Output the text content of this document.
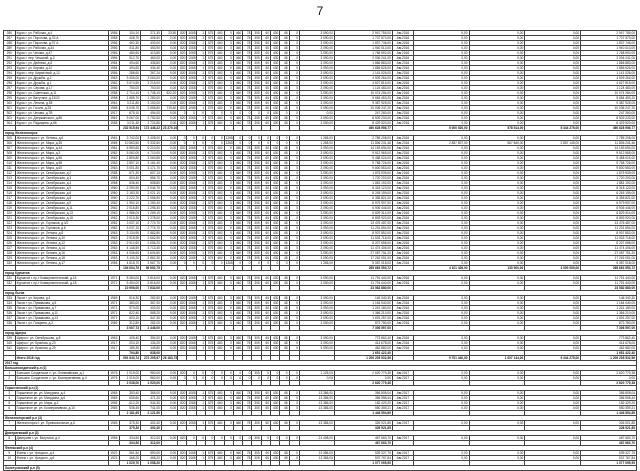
7
286	Курск г. ул. Рабочая, д.4	1956	104,10	271,30	23,50	820	1065	1	575	460	0	460	78	305	60	430	48	0	3 090,00	2 947 755,00	Авг.2016	0,00	0,00	0,00	2 947 755,00
287	Курск г. ул. Пирогова, д.33 А	1958	408,70	406,50	0,00	820	1065	1	575	460	0	460	78	305	60	430	48	0	3 090,00	1 737 570,00	Авг.2016	0,00	0,00	0,00	1 737 570,00
288	Курск г. ул. Пирогова, д.97 А	1956	462,30	430,00	0,00	820	1065	1	575	460	0	460	78	305	60	430	48	0	3 090,00	1 837 746,00	Авг.2016	0,00	0,00	0,00	1 837 746,00
289	Курск г. ул. Рабочая, д.34	1956	511,80	453,90	0,00	820	1065	1	575	460	0	460	78	305	60	430	48	0	3 090,00	1 940 013,00	Авг.2016	0,00	0,00	0,00	1 940 013,00
290	Курск г. ул. Чехова, д.47	1956	480,60	413,80	0,00	820	1065	1	575	460	0	460	78	305	60	430	48	0	3 090,00	1 768 592,00	Авг.2016	0,00	0,00	0,00	1 768 592,00
291	Курск г. пер. Чешский, д.2	1956	512,70	460,00	0,00	820	1065	1	575	460	0	460	78	305	60	430	48	0	3 090,00	2 006 241,00	Авг.2016	0,00	0,00	0,00	2 006 241,00
292	Курск г. ул. Дейнеки, д.8	1954	494,60	436,80	0,00	820	1065	1	575	460	0	460	78	305	60	430	48	0	3 090,00	1 866 883,00	Авг.2016	0,00	0,00	0,00	1 866 883,00
293	Курск г. ул. Кирова, д.12	1954	494,60	434,40	0,00	820	1065	1	575	460	0	460	78	305	60	430	48	0	3 090,00	1 856 626,00	Авг.2016	0,00	0,00	0,00	1 856 626,00
294	Курск г. пер. Кирпичный, д.12	1956	288,60	267,24	0,00	820	1065	1	575	460	0	460	78	305	60	430	48	0	3 090,00	1 141 026,00	Авг.2016	0,00	0,00	0,00	1 141 026,00
295	Курск г. ул. Дружбы, д.2	1963	3 405,00	3 063,00	0,00	820	1065	1	575	460	0	460	78	305	60	430	48	0	3 090,00	4 509 264,00	Авг.2016	0,00	0,00	0,00	4 509 264,00
296	Курск г. ул. Дружбы, д.1	1963	3 574,50	3 215,00	0,00	820	1065	1	575	460	0	460	78	305	60	430	48	0	3 090,00	4 627 815,00	Авг.2016	0,00	0,00	0,00	4 627 815,00
297	Курск г. ул. Серова, д.17	1956	750,00	700,00	0,00	820	1065	1	575	460	0	460	78	305	60	430	48	0	3 090,00	1 124 483,00	Авг.2016	0,00	0,00	0,00	1 124 483,00
298	Курск г. ул. Советская, д.11	1958	2 714,10	1 748,10	522,20	820	1065	1	575	460	0	460	78	305	60	430	48	0	3 090,00	10 074 284,00	Авг.2016	0,00	0,00	0,00	10 074 284,00
299	Курск г. ул. Ватутина, д.13/20	1958	1 685,70	1 280,00	0,00	820	1065	1	575	460	0	460	78	305	60	430	48	0	3 090,00	5 684 453,20	Авг.2016	0,00	0,00	0,00	5 684 453,20
300	Курск г. ул. Ленина, д.55	1961	3 211,80	3 100,00	0,00	820	1065	1	575	460	0	460	78	305	60	430	48	0	3 090,00	9 387 925,00	Авг.2016	0,00	0,00	0,00	9 387 925,00
301	Курск г. ул. Гоголя, д.25	1968	6 045,70	2 656,60	719,60	820	1065	1	575	460	0	460	78	305	60	430	48	0	3 090,00	10 036 247,20	Авг.2016	0,00	0,00	0,00	10 036 247,20
302	Курск г. ул. Чехова, д.7В	1917	675,10	494,00	0,00	0	0	0	0	0	0	0	0	0	0	430	0	0	0,00	247 260,00	Авг.2016	0,00	0,00	0,00	247 260,00
303	Курск г. ул. Дзержинского, д.86	1961	3 067,00	2 752,60	0,00	820	1065	1	575	460	0	460	78	305	60	430	48	0	3 090,00	8 509 233,00	Авг.2016	0,00	0,00	0,00	8 509 233,00
304	Курск г. ул. Радищева, д.86	1958	3 011,40	2 724,80	0,00	820	1065	1	575	460	0	460	78	305	60	430	48	0	3 090,00	8 429 520,00	Авг.2016	0,00	0,00	0,00	8 429 520,00
			232 515,94	172 446,22	23 270,10															460 628 956,77		5 000 520,00	578 514,00	5 344 275,00	460 628 956,77
город Железногорск																									
305	Железногорск г. ул. Ленина, д.6	1961	3 742,00	3 408,00	0,00	0	0	0	0	0	1265	0	0	0	0	0	0	0	1 265,00	2 785 208,00	Авг.2016	0,00	0,00	0,00	2 785 208,00
306	Железногорск г. ул. Мира, д.35	1965	10 563,50	9 332,60	0,00	0	0	0	0	0	1265	0	0	0	0	0	0	0	1 265,00	11 806 241,46	Авг.2016	2 857 837,00	567 840,00	2 857 145,00	11 806 241,46
307	Железногорск г. ул. Мира, д.44	1961	6 960,60	6 210,00	0,00	820	1065	1	575	460	0	460	78	305	60	430	48	0	3 090,00	14 153 694,00	Авг.2016	0,00	0,00	0,00	14 153 694,00
308	Железногорск г. ул. Мира, д.3	1962	5 062,00	4 710,00	0,00	820	1065	1	575	460	0	460	78	305	60	430	48	0	3 090,00	9 512 565,00	Авг.2016	0,00	0,00	0,00	9 512 565,00
309	Железногорск г. ул. Мира, д.56	1962	2 890,80	3 060,85	0,00	820	1065	1	575	460	0	460	78	305	60	430	48	0	3 090,00	9 458 024,00	Авг.2016	0,00	0,00	0,00	9 458 024,00
310	Железногорск г. ул. Мира, д.58	1963	2 897,10	3 161,40	0,00	820	1065	1	575	460	0	460	78	305	60	430	48	0	3 090,00	9 768 726,00	Авг.2016	0,00	0,00	0,00	9 768 726,00
311	Железногорск г. ул. Мира, д.60	1963	3 001,80	3 171,70	0,00	820	1065	1	575	460	0	460	78	305	60	430	48	0	3 090,00	9 800 553,00	Авг.2016	0,00	0,00	0,00	9 800 553,00
312	Железногорск г. ул. Октябрьская, д.2	1958	671,30	607,10	0,00	820	1065	1	575	460	0	460	78	305	60	430	48	0	3 090,00	1 875 939,00	Авг.2016	0,00	0,00	0,00	1 875 939,00
313	Железногорск г. ул. Октябрьская, д.3	1958	604,40	556,70	0,00	820	1065	1	575	460	0	460	78	305	60	430	48	0	3 090,00	1 720 203,00	Авг.2016	0,00	0,00	0,00	1 720 203,00
314	Железногорск г. ул. Октябрьская, д.4	1958	636,40	608,80	0,00	820	1065	1	575	460	0	460	78	305	60	430	48	0	3 090,00	1 881 192,00	Авг.2016	0,00	0,00	0,00	1 881 192,00
315	Железногорск г. ул. Октябрьская, д.5	1960	2 250,90	2 044,70	0,00	820	1065	1	575	460	0	460	78	305	60	430	48	0	3 090,00	6 318 123,00	Авг.2016	0,00	0,00	0,00	6 318 123,00
316	Железногорск г. ул. Октябрьская, д.6	1960	2 183,30	2 021,10	0,00	820	1065	1	575	460	0	460	78	305	60	430	48	0	3 090,00	6 245 199,00	Авг.2016	0,00	0,00	0,00	6 245 199,00
317	Железногорск г. ул. Октябрьская, д.8	1960	2 222,70	2 056,90	0,00	820	1065	1	575	460	0	460	78	305	60	430	48	0	3 090,00	6 355 821,00	Авг.2016	0,00	0,00	0,00	6 355 821,00
318	Железногорск г. ул. Октябрьская, д.9	1962	1 952,10	1 250,40	0,00	820	1065	1	575	460	0	460	78	305	60	430	48	0	3 090,00	6 979 907,00	Авг.2016	0,00	0,00	0,00	6 979 907,00
319	Железногорск г. ул. Октябрьская, д.11	1962	2 016,80	1 296,30	0,00	820	1065	1	575	460	0	460	78	305	60	430	48	0	3 090,00	6 906 446,00	Авг.2016	0,00	0,00	0,00	6 906 446,00
320	Железногорск г. ул. Октябрьская, д.13	1962	1 986,00	1 269,10	0,00	820	1065	1	575	460	0	460	78	305	60	430	48	0	3 090,00	6 829 314,00	Авг.2016	0,00	0,00	0,00	6 829 314,00
321	Железногорск г. ул. Октябрьская, д.15	1962	2 010,30	1 278,00	0,00	820	1065	1	575	460	0	460	78	305	60	430	48	0	3 090,00	6 893 920,00	Авг.2016	0,00	0,00	0,00	6 893 920,00
322	Железногорск г. ул. Горняков, д.4/2	1962	3 037,10	2 774,70	0,00	820	1065	1	575	460	0	460	78	305	60	430	48	0	3 090,00	13 476 487,00	Авг.2016	0,00	0,00	0,00	13 476 487,00
323	Железногорск г. ул. Горняков, д.6	1962	3 037,10	2 774,70	0,00	820	1065	1	575	460	0	460	78	305	60	430	48	0	3 090,00	11 231 694,00	Авг.2016	0,00	0,00	0,00	11 231 694,00
324	Железногорск г. ул. Ленина, д.8	1963	3 134,90	2 882,80	0,00	820	1065	1	575	460	0	460	78	305	60	430	48	0	3 090,00	8 907 852,00	Авг.2016	0,00	0,00	0,00	8 907 852,00
325	Железногорск г. ул. Ленина, д.10	1963	2 915,90	2 662,90	0,00	820	1065	1	575	460	0	460	78	305	60	430	48	0	3 090,00	11 533 718,00	Авг.2016	0,00	0,00	0,00	11 533 718,00
326	Железногорск г. ул. Ленина, д.12	1963	2 912,60	2 656,20	0,00	820	1065	1	575	460	0	460	78	305	60	430	48	0	3 090,00	8 207 658,00	Авг.2016	0,00	0,00	0,00	8 207 658,00
327	Железногорск г. ул. Ленина, д.14	1963	4 146,50	3 713,40	0,00	820	1065	1	575	460	0	460	78	305	60	430	48	0	3 090,00	11 474 406,00	Авг.2016	0,00	0,00	0,00	11 474 406,00
328	Железногорск г. ул. Ленина, д.16	1963	4 036,60	3 604,80	0,00	820	1065	1	575	460	0	460	78	305	60	430	48	0	3 090,00	27 087 751,20	Авг.2016	0,00	0,00	0,00	27 087 751,20
329	Железногорск г. ул. Ленина, д.18	1963	3 140,20	2 862,30	0,00	820	1065	1	575	460	0	460	78	305	60	430	48	0	3 090,00	17 262 051,00	Авг.2016	0,00	0,00	0,00	17 262 051,00
330	Железногорск г. ул. Ленина, д.17	1956	4 618,70	3 567,70	0,00	0	0	0	0	0	1265	0	0	0	0	0	0	0	1 265,00	5 087 018,00	Авг.2016	0,00	0,00	0,00	5 087 018,00
			104 004,79	96 652,75																265 663 553,72		4 101 426,00	130 000,00	4 000 000,00	265 663 553,72
город Курчатов																									
331	Курчатов г. пр-т Коммунистический, д.16	1971	5 454,00	3 816,00	0,00	820	1065	1	575	460	0	460	78	305	60	430	48	0	3 090,00	11 791 440,00	Авг.2016	0,00	0,00	0,00	11 791 440,00
332	Курчатов г. пр-т Коммунистический, д.18	1971	5 454,00	3 816,00	0,00	820	1065	1	575	460	0	460	78	305	60	430	48	0	3 090,00	11 791 440,00	Авг.2016	0,00	0,00	0,00	11 791 440,00
			10 908,00	7 632,00																23 582 880,00					23 582 880,00
город Льгов																									
333	Льгов г. ул. Кирова, д.4	1969	516,30	282,50	0,00	820	1065	1	575	460	0	460	78	305	60	430	48	0	3 090,00	146 340,30	Авг.2016	0,00	0,00	0,00	146 340,30
334	Льгов г. ул. Примакова, д.5	1971	383,00	367,00	0,00	820	1065	1	575	460	0	460	78	305	60	430	48	0	3 090,00	1 164 040,00	Авг.2016	0,00	0,00	0,00	1 164 040,00
335	Льгов г. ул. Примакова, д.7	1971	570,00	402,00	0,00	820	1065	1	575	460	0	460	78	305	60	430	48	0	3 090,00	1 241 180,00	Авг.2016	0,00	0,00	0,00	1 241 180,00
336	Льгов г. ул. Примакова, д.11	1971	622,40	565,20	0,00	820	1065	1	575	460	0	460	78	305	60	430	48	0	3 090,00	1 366 210,00	Авг.2016	0,00	0,00	0,00	1 366 210,00
337	Льгов г. ул. Примакова, д.13	1971	603,10	547,30	0,00	820	1065	1	575	460	0	460	78	305	60	430	48	0	3 090,00	1 691 257,00	Авг.2016	0,00	0,00	0,00	1 691 257,00
338	Льгов г. ул. Гагарина, д.2	1969	312,80	282,00	0,00	820	1065	1	575	460	0	460	78	305	60	430	48	0	3 090,00	873 780,00	Авг.2016	0,00	0,00	0,00	873 780,00
			3 007,73	2 446,00																7 306 597,00					7 306 597,00
город Щигры																									
339	Щигры г. ул. Октябрьская, д.8	1963	405,40	354,00	0,00	820	1065	1	575	460	0	460	78	305	60	430	48	0	3 090,00	773 862,40	Авг.2016	0,00	0,00	0,00	773 862,40
340	Щигры г. ул. Красная, д.23	1917	204,10	134,20	0,00	820	1065	1	575	460	0	460	78	305	60	430	48	0	3 090,00	414 678,00	Авг.2016	0,00	0,00	0,00	414 678,00
341	Щигры г. ул. Красная, д.29	1917	185,30	149,80	0,00	820	1065	1	575	460	0	460	78	305	60	430	48	0	3 090,00	462 882,00	Авг.2016	0,00	0,00	0,00	462 882,00
			794,80	638,00																1 651 422,40					1 651 422,40
	Итого 2016 год		591 540,74	272 205,97	26 183,75															1 209 205 532,56		9 701 440,00	1 007 144,00	9 344 275,00	1 209 205 532,56
2017 год																									
Большесолдатский р-н (1)																									
1	Большое Солдатское с. ул. Олимпийская, д.1	1976	1 019,00	960,00	0,00	820	0	0	0	0	0	0	0	305	0	0	0	0	1 125,00	2 620 779,38	Авг.2017	0,00	0,00	0,00	2 620 779,38
2	Большое Солдатское с. ул. Кооперативная, д.4	1976	1 019,00	960,00	0,00	0	0	0	0	0	0	0	0	0	0	0	0	0	0,00	0,00	Авг.2017	0,00	0,00	0,00	0,00
			2 038,00	1 920,00																2 620 779,38					2 620 779,38
Горшеченский р-н (2)																									
3	Горшечное рп. ул. Мичурина, д.4	1965	393,40	365,00	0,00	820	1065	1	575	460	0	460	78	305	60	430	48	0	13 386,00	356 808,04	Авг.2017	0,00	0,00	0,00	356 808,04
4	Горшечное рп. ул. Мичурина, д.6	1965	639,60	471,20	0,00	820	1065	1	575	460	0	460	78	305	60	430	48	0	13 386,00	356 958,44	Авг.2017	0,00	0,00	0,00	356 958,44
5	Горшечное рп. ул. Мира, д.2	1965	612,20	544,30	0,00	820	1065	1	575	460	0	460	78	305	60	430	48	0	13 386,00	182 429,20	Авг.2017	0,00	0,00	0,00	182 429,20
6	Горшечное рп. ул. Кооперативная, д.10	1965	536,45	741,00	0,00	820	1065	1	575	460	0	460	78	305	60	430	48	0	13 386,00	550 359,21	Авг.2017	0,00	0,00	0,00	550 359,21
			2 181,65	2 121,50																1 446 554,89					1 446 554,89
Железногорский р-н (3)																									
7	Железногорск г. ул. Привокзальная, д.6	1965	375,30	402,40	0,00	820	1065	1	575	460	0	460	78	305	60	430	48	0	13 386,00	326 921,85	Авг.2017	0,00	0,00	0,00	326 921,85
			375,30	402,40																326 921,85					326 921,85
Дмитриевский р-н (3)																									
8	Дмитриев г. ул. Ватутина, д.4	1956	334,50	312,00	0,00	820	0	0	0	0	0	0	0	305	0	0	0	0	21 408,00	467 663,70	Авг.2017	0,00	0,00	0,00	467 663,70
			334,50	312,00																467 663,70					467 663,70
Фатежский р-н (4)																									
9	Фатеж г. ул. Урицкого, д.4	1922	561,50	590,00	0,00	820	1065	1	575	460	0	460	78	305	60	430	48	0	13 386,00	539 327,75	Авг.2017	0,00	0,00	0,00	539 327,75
10	Фатеж г. ул. Урицкого, д.6	1923	468,20	468,20	0,00	820	1065	1	575	460	0	460	78	305	60	430	48	0	13 386,00	537 767,84	Авг.2017	0,00	0,00	0,00	537 767,84
			1 029,70	1 058,20																1 077 095,59					1 077 095,59
Золотухинский р-н (5)																									
